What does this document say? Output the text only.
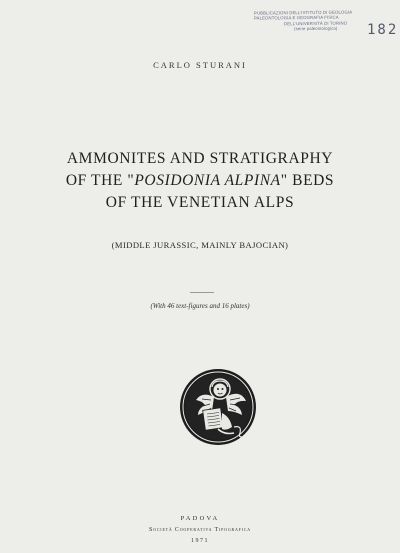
PUBBLICAZIONI DELL'ISTITUTO DI GEOLOGIA
PALEONTOLOGIA E GEOGRAFIA FISICA
DELL'UNIVERSITÀ DI TORINO
(serie paleontologica)	182
CARLO STURANI
AMMONITES AND STRATIGRAPHY
OF THE "POSIDONIA ALPINA" BEDS
OF THE VENETIAN ALPS
(MIDDLE JURASSIC, MAINLY BAJOCIAN)
(With 46 text-figures and 16 plates)
PADOVA
Società Cooperativa Tipografica
1971
